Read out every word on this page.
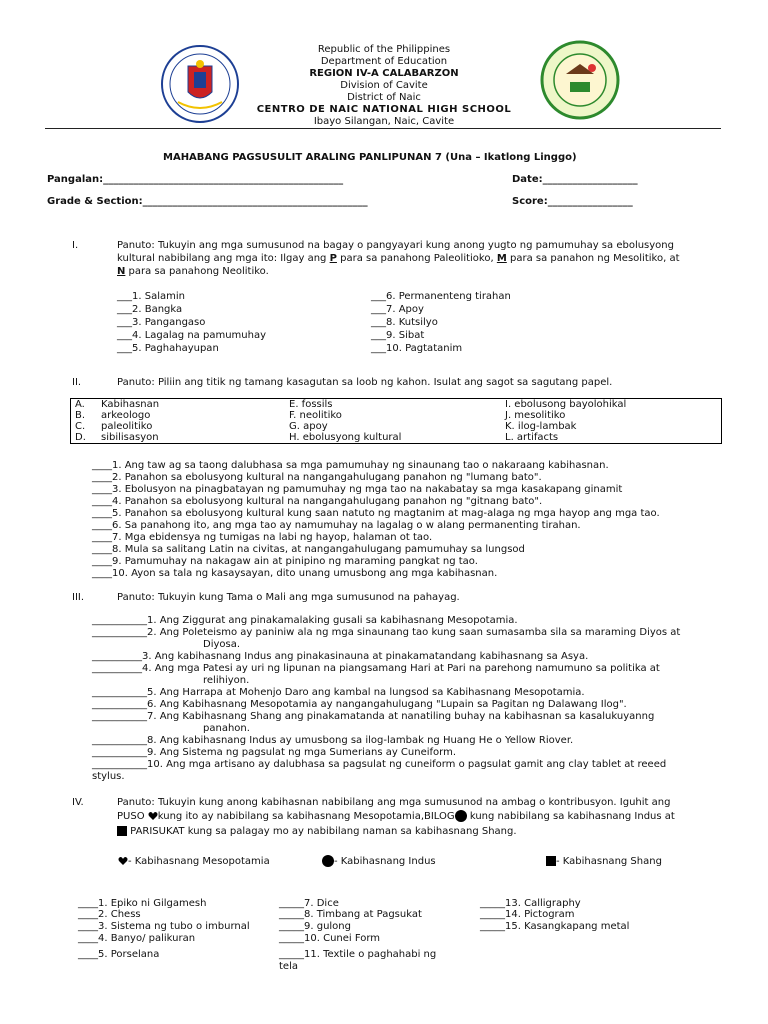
Republic of the Philippines
Department of Education
REGION IV-A CALABARZON
Division of Cavite
District of Naic
CENTRO DE NAIC NATIONAL HIGH SCHOOL
Ibayo Silangan, Naic, Cavite
MAHABANG PAGSUSULIT ARALING PANLIPUNAN 7 (Una – Ikatlong Linggo)
Pangalan:________________________________________________	Date:___________________
Grade & Section:_____________________________________________	Score:_________________
I.	Panuto: Tukuyin ang mga sumusunod na bagay o pangyayari kung anong yugto ng pamumuhay sa ebolusyong
kultural nabibilang ang mga ito: Ilgay ang P para sa panahong Paleolitioko, M para sa panahon ng Mesolitiko, at
N para sa panahong Neolitiko.
___1. Salamin
___2. Bangka
___3. Pangangaso
___4. Lagalag na pamumuhay
___5. Paghahayupan
___6. Permanenteng tirahan
___7. Apoy
___8. Kutsilyo
___9. Sibat
___10. Pagtatanim
II.	Panuto: Piliin ang titik ng tamang kasagutan sa loob ng kahon. Isulat ang sagot sa sagutang papel.
A.	Kabihasnan	E. fossils	I. ebolusong bayolohikal
B.	arkeologo	F. neolitiko	J. mesolitiko
C.	paleolitiko	G. apoy	K. ilog-lambak
D.	sibilisasyon	H. ebolusyong kultural	L. artifacts
____1. Ang taw ag sa taong dalubhasa sa mga pamumuhay ng sinaunang tao o nakaraang kabihasnan.
____2. Panahon sa ebolusyong kultural na nangangahulugang panahon ng "lumang bato".
____3. Ebolusyon na pinagbatayan ng pamumuhay ng mga tao na nakabatay sa mga kasakapang ginamit
____4. Panahon sa ebolusyong kultural na nangangahulugang panahon ng "gitnang bato".
____5. Panahon sa ebolusyong kultural kung saan natuto ng magtanim at mag-alaga ng mga hayop ang mga tao.
____6. Sa panahong ito, ang mga tao ay namumuhay na lagalag o w alang permanenting tirahan.
____7. Mga ebidensya ng tumigas na labi ng hayop, halaman ot tao.
____8. Mula sa salitang Latin na civitas, at nangangahulugang pamumuhay sa lungsod
____9. Pamumuhay na nakagaw ain at pinipino ng maraming pangkat ng tao.
____10. Ayon sa tala ng kasaysayan, dito unang umusbong ang mga kabihasnan.
III.	Panuto: Tukuyin kung Tama o Mali ang mga sumusunod na pahayag.
___________1. Ang Ziggurat ang pinakamalaking gusali sa kabihasnang Mesopotamia.
___________2. Ang Poleteismo ay paniniw ala ng mga sinaunang tao kung saan sumasamba sila sa maraming Diyos at
Diyosa.
__________3. Ang kabihasnang Indus ang pinakasinauna at pinakamatandang kabihasnang sa Asya.
__________4. Ang mga Patesi ay uri ng lipunan na piangsamang Hari at Pari na parehong namumuno sa politika at
relihiyon.
___________5. Ang Harrapa at Mohenjo Daro ang kambal na lungsod sa Kabihasnang Mesopotamia.
___________6. Ang Kabihasnang Mesopotamia ay nangangahulugang "Lupain sa Pagitan ng Dalawang Ilog".
___________7. Ang Kabihasnang Shang ang pinakamatanda at nanatiling buhay na kabihasnan sa kasalukuyanng
panahon.
___________8. Ang kabihasnang Indus ay umusbong sa ilog-lambak ng Huang He o Yellow Riover.
___________9. Ang Sistema ng pagsulat ng mga Sumerians ay Cuneiform.
___________10. Ang mga artisano ay dalubhasa sa pagsulat ng cuneiform o pagsulat gamit ang clay tablet at reeed
stylus.
IV.	Panuto: Tukuyin kung anong kabihasnan nabibilang ang mga sumusunod na ambag o kontribusyon. Iguhit ang
PUSO kung ito ay nabibilang sa kabihasnang Mesopotamia,BILOG kung nabibilang sa kabihasnang Indus at
PARISUKAT kung sa palagay mo ay nabibilang naman sa kabihasnang Shang.
- Kabihasnang Mesopotamia	- Kabihasnang Indus	- Kabihasnang Shang
____1. Epiko ni Gilgamesh
____2. Chess
____3. Sistema ng tubo o imburnal
____4. Banyo/ palikuran
____5. Porselana
_____7. Dice
_____8. Timbang at Pagsukat
_____9. gulong
_____10. Cunei Form
_____11. Textile o paghahabi ng
tela
_____13. Calligraphy
_____14. Pictogram
_____15. Kasangkapang metal
